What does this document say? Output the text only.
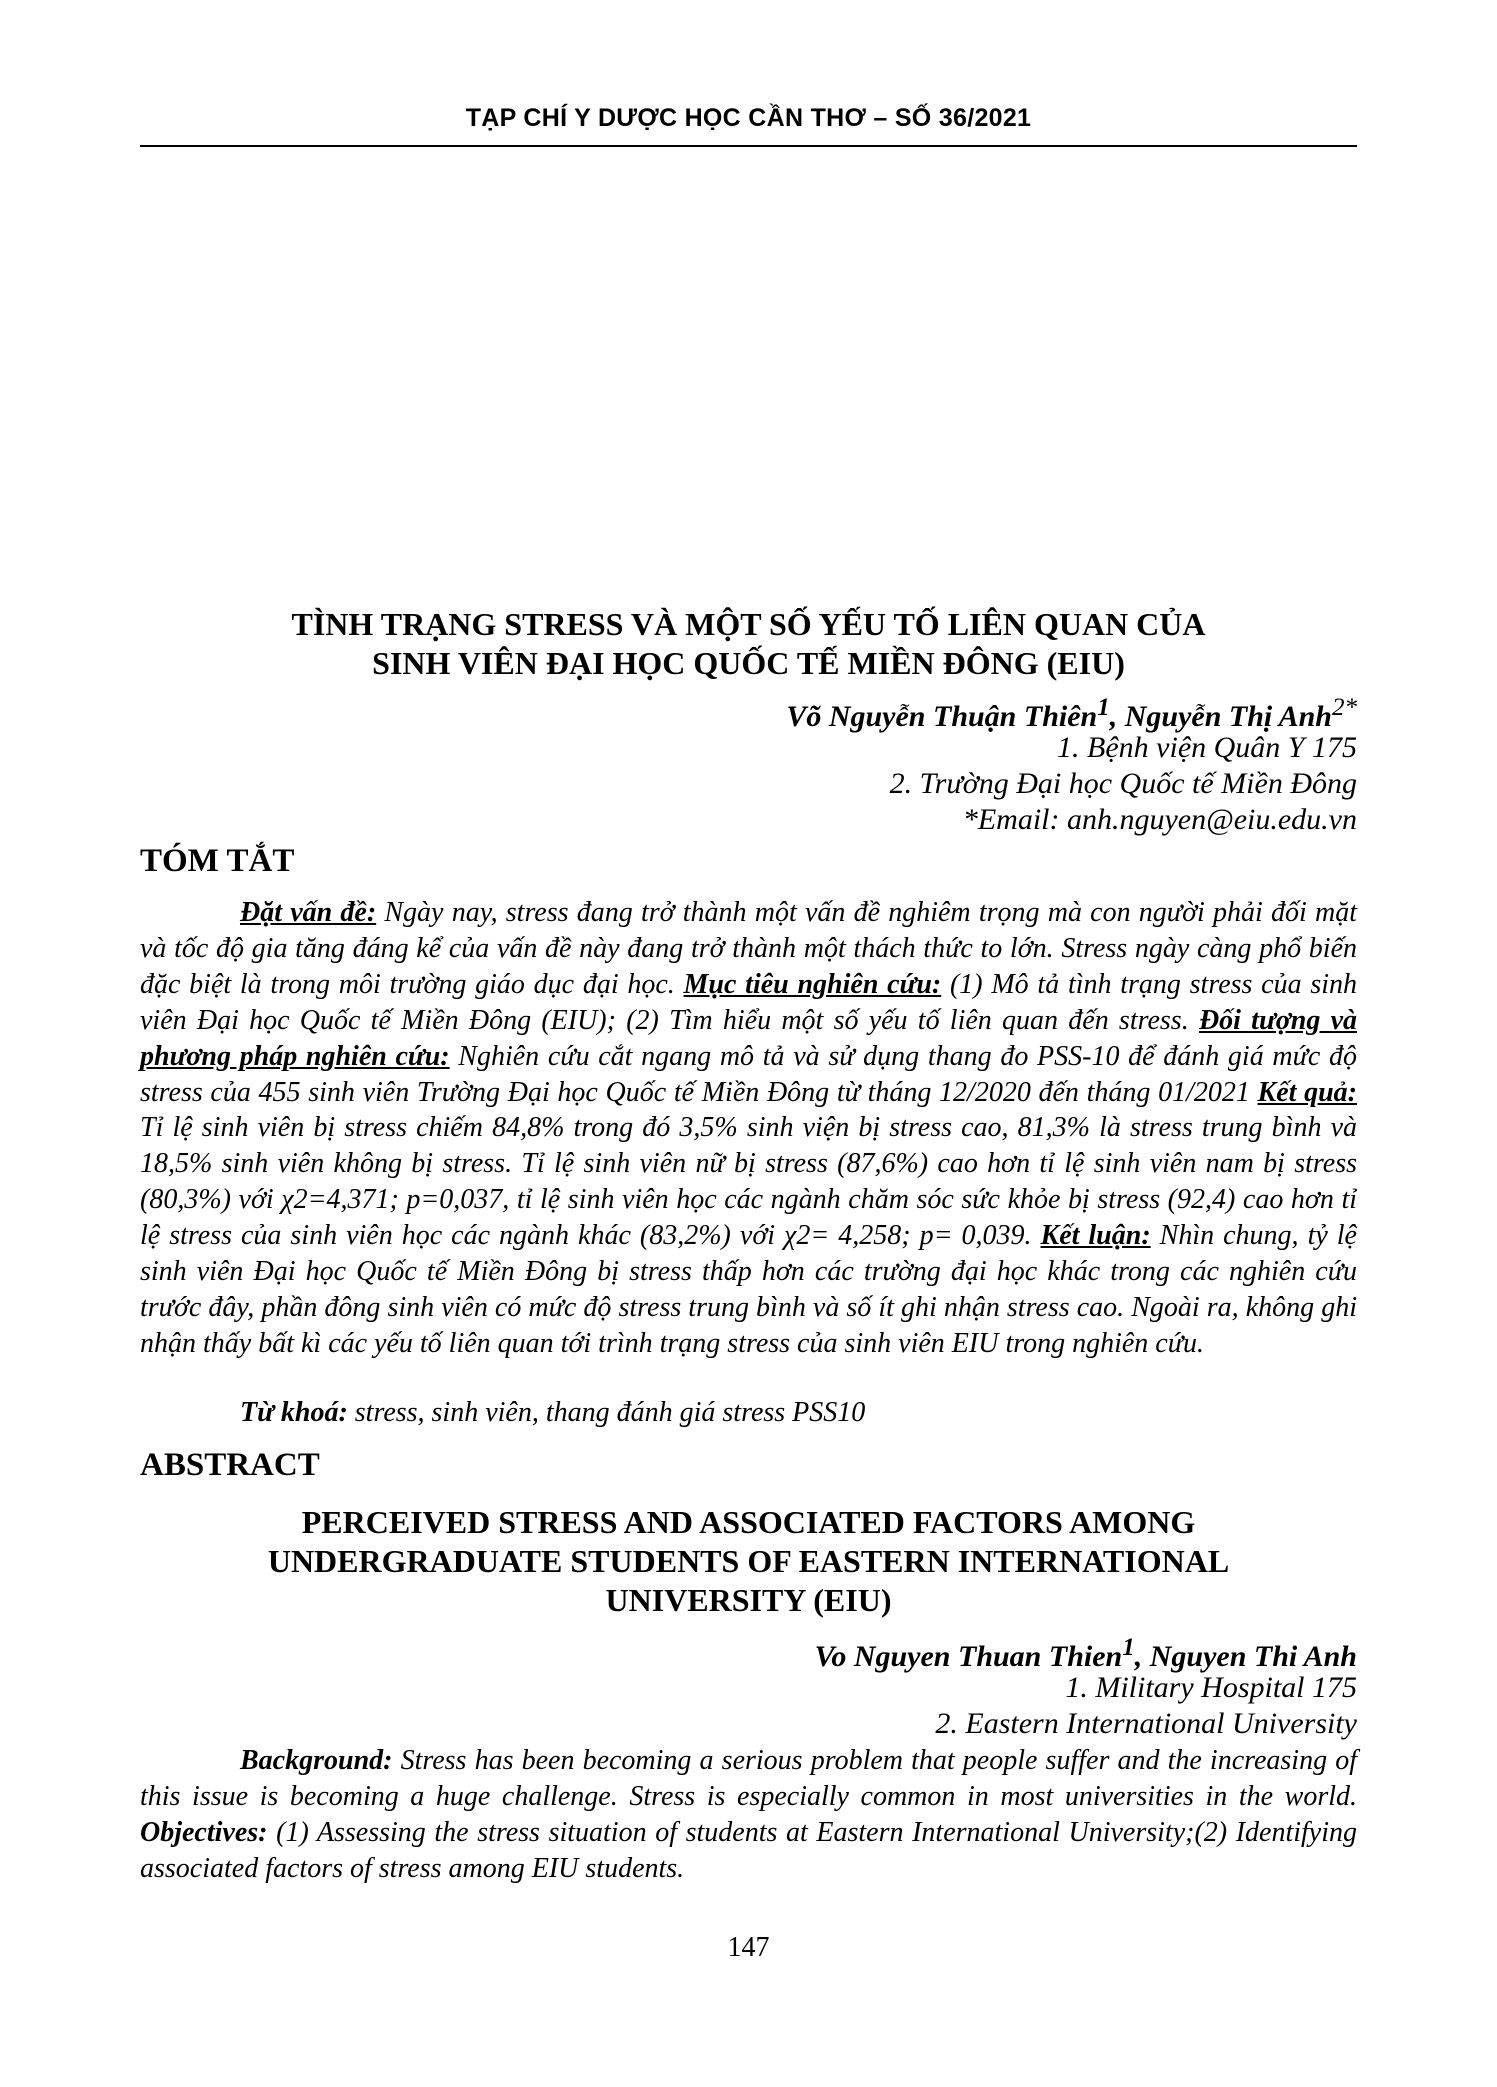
TẠP CHÍ Y DƯỢC HỌC CẦN THƠ – SỐ 36/2021
TÌNH TRẠNG STRESS VÀ MỘT SỐ YẾU TỐ LIÊN QUAN CỦA
SINH VIÊN ĐẠI HỌC QUỐC TẾ MIỀN ĐÔNG (EIU)
Võ Nguyễn Thuận Thiên$^1$, Nguyễn Thị Anh$^{2*}$
1. Bệnh viện Quân Y 175
2. Trường Đại học Quốc tế Miền Đông
*Email: anh.nguyen@eiu.edu.vn
TÓM TẮT
Đặt vấn đề: Ngày nay, stress đang trở thành một vấn đề nghiêm trọng mà con người phải đối mặt và tốc độ gia tăng đáng kể của vấn đề này đang trở thành một thách thức to lớn. Stress ngày càng phổ biến đặc biệt là trong môi trường giáo dục đại học. Mục tiêu nghiên cứu: (1) Mô tả tình trạng stress của sinh viên Đại học Quốc tế Miền Đông (EIU); (2) Tìm hiểu một số yếu tố liên quan đến stress. Đối tượng và phương pháp nghiên cứu: Nghiên cứu cắt ngang mô tả và sử dụng thang đo PSS-10 để đánh giá mức độ stress của 455 sinh viên Trường Đại học Quốc tế Miền Đông từ tháng 12/2020 đến tháng 01/2021 Kết quả: Tỉ lệ sinh viên bị stress chiếm 84,8% trong đó 3,5% sinh viện bị stress cao, 81,3% là stress trung bình và 18,5% sinh viên không bị stress. Tỉ lệ sinh viên nữ bị stress (87,6%) cao hơn tỉ lệ sinh viên nam bị stress (80,3%) với χ2=4,371; p=0,037, tỉ lệ sinh viên học các ngành chăm sóc sức khỏe bị stress (92,4) cao hơn tỉ lệ stress của sinh viên học các ngành khác (83,2%) với χ2= 4,258; p= 0,039. Kết luận: Nhìn chung, tỷ lệ sinh viên Đại học Quốc tế Miền Đông bị stress thấp hơn các trường đại học khác trong các nghiên cứu trước đây, phần đông sinh viên có mức độ stress trung bình và số ít ghi nhận stress cao. Ngoài ra, không ghi nhận thấy bất kì các yếu tố liên quan tới trình trạng stress của sinh viên EIU trong nghiên cứu.
Từ khoá: stress, sinh viên, thang đánh giá stress PSS10
ABSTRACT
PERCEIVED STRESS AND ASSOCIATED FACTORS AMONG
UNDERGRADUATE STUDENTS OF EASTERN INTERNATIONAL
UNIVERSITY (EIU)
Vo Nguyen Thuan Thien$^1$, Nguyen Thi Anh
1. Military Hospital 175
2. Eastern International University
Background: Stress has been becoming a serious problem that people suffer and the increasing of this issue is becoming a huge challenge. Stress is especially common in most universities in the world. Objectives: (1) Assessing the stress situation of students at Eastern International University;(2) Identifying associated factors of stress among EIU students.
147
